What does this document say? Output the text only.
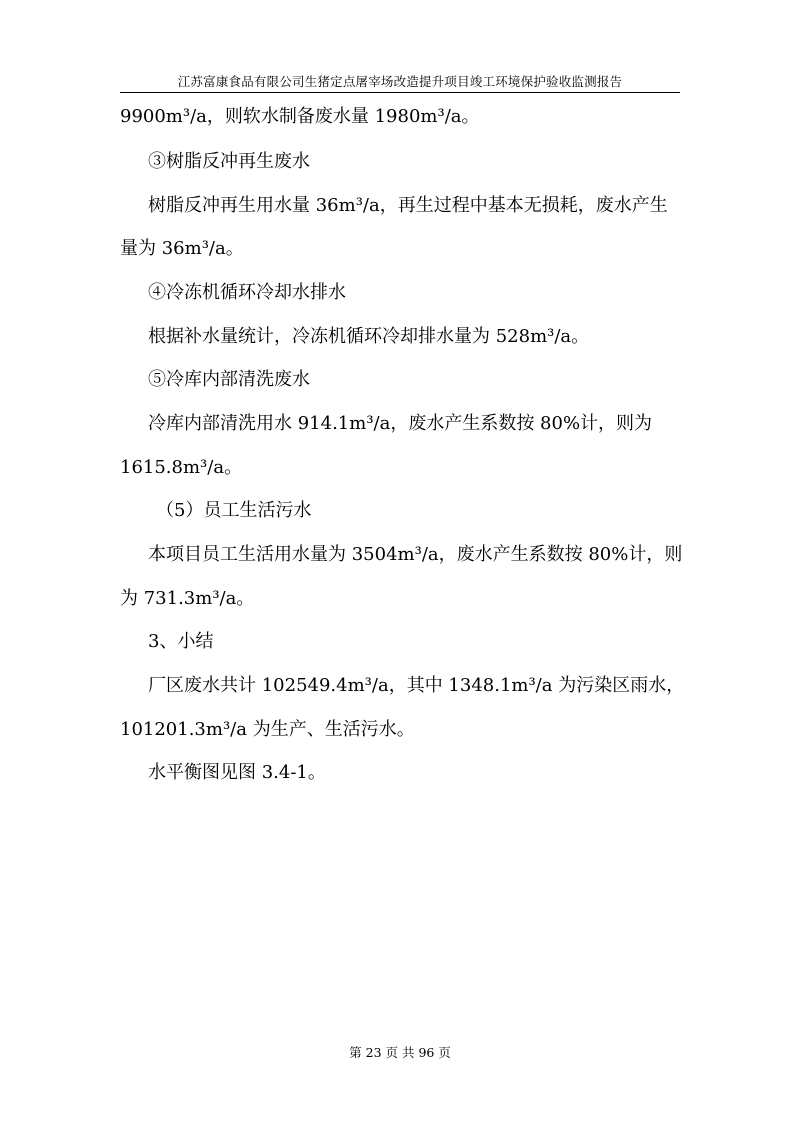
江苏富康食品有限公司生猪定点屠宰场改造提升项目竣工环境保护验收监测报告
9900m³/a，则软水制备废水量 1980m³/a。
③树脂反冲再生废水
树脂反冲再生用水量 36m³/a，再生过程中基本无损耗，废水产生
量为 36m³/a。
④冷冻机循环冷却水排水
根据补水量统计，冷冻机循环冷却排水量为 528m³/a。
⑤冷库内部清洗废水
冷库内部清洗用水 914.1m³/a，废水产生系数按 80%计，则为
1615.8m³/a。
（5）员工生活污水
本项目员工生活用水量为 3504m³/a，废水产生系数按 80%计，则
为 731.3m³/a。
3、小结
厂区废水共计 102549.4m³/a，其中 1348.1m³/a 为污染区雨水，
101201.3m³/a 为生产、生活污水。
水平衡图见图 3.4-1。
第 23 页 共 96 页
